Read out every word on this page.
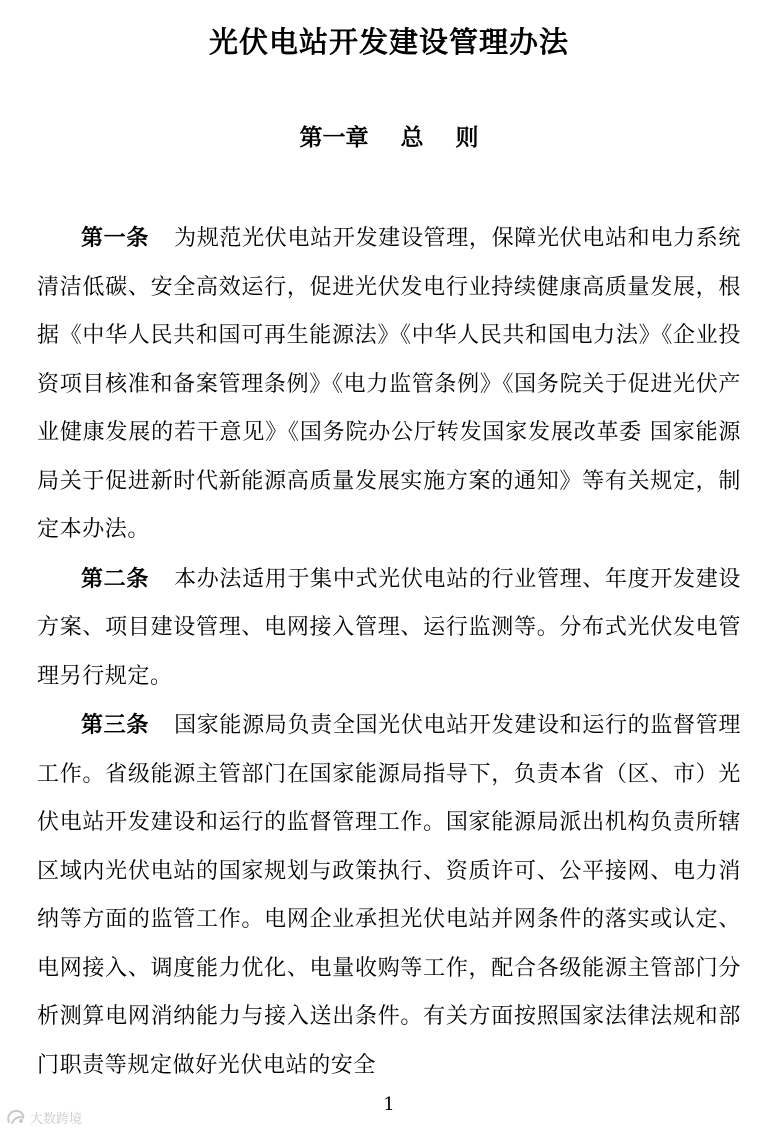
光伏电站开发建设管理办法
第一章    总    则

第一条   为规范光伏电站开发建设管理，保障光伏电站和电力系统清洁低碳、安全高效运行，促进光伏发电行业持续健康高质量发展，根据《中华人民共和国可再生能源法》《中华人民共和国电力法》《企业投资项目核准和备案管理条例》《电力监管条例》《国务院关于促进光伏产业健康发展的若干意见》《国务院办公厅转发国家发展改革委 国家能源局关于促进新时代新能源高质量发展实施方案的通知》等有关规定，制定本办法。

第二条   本办法适用于集中式光伏电站的行业管理、年度开发建设方案、项目建设管理、电网接入管理、运行监测等。分布式光伏发电管理另行规定。

第三条   国家能源局负责全国光伏电站开发建设和运行的监督管理工作。省级能源主管部门在国家能源局指导下，负责本省（区、市）光伏电站开发建设和运行的监督管理工作。国家能源局派出机构负责所辖区域内光伏电站的国家规划与政策执行、资质许可、公平接网、电力消纳等方面的监管工作。电网企业承担光伏电站并网条件的落实或认定、电网接入、调度能力优化、电量收购等工作，配合各级能源主管部门分析测算电网消纳能力与接入送出条件。有关方面按照国家法律法规和部门职责等规定做好光伏电站的安全

1
大数跨境
